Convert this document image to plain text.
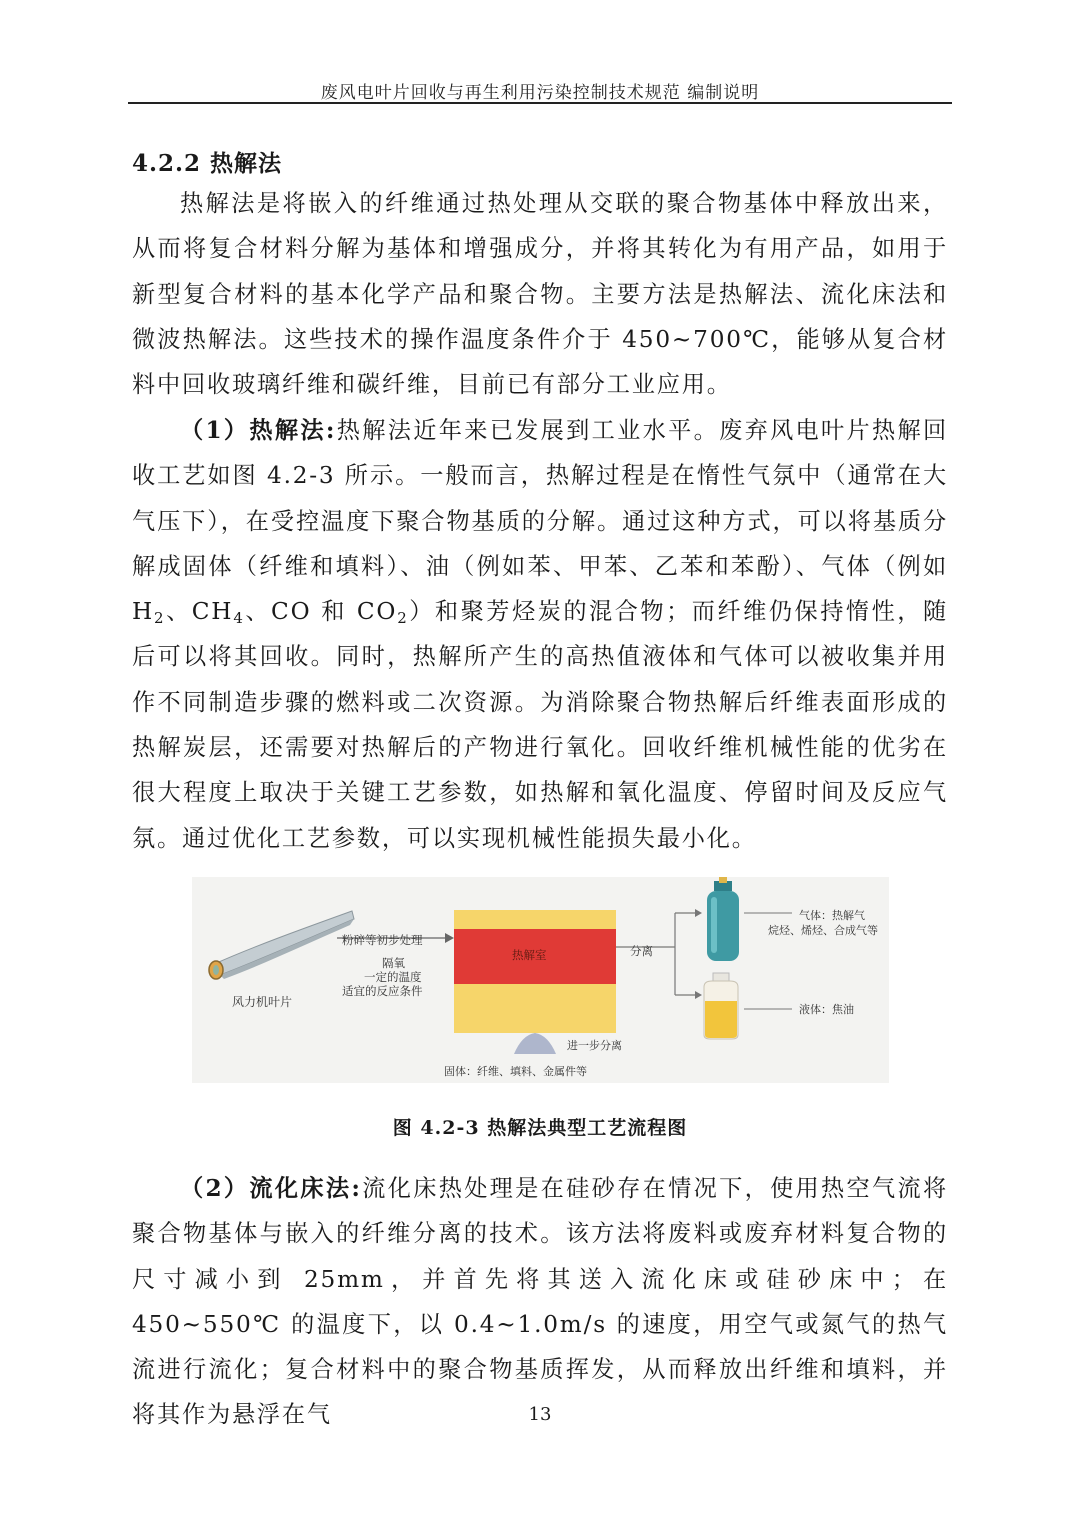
废风电叶片回收与再生利用污染控制技术规范 编制说明
4.2.2 热解法

热解法是将嵌入的纤维通过热处理从交联的聚合物基体中释放出来，从而将复合材料分解为基体和增强成分，并将其转化为有用产品，如用于新型复合材料的基本化学产品和聚合物。主要方法是热解法、流化床法和微波热解法。这些技术的操作温度条件介于 450~700℃，能够从复合材料中回收玻璃纤维和碳纤维，目前已有部分工业应用。

（1）热解法:热解法近年来已发展到工业水平。废弃风电叶片热解回收工艺如图 4.2-3 所示。一般而言，热解过程是在惰性气氛中（通常在大气压下），在受控温度下聚合物基质的分解。通过这种方式，可以将基质分解成固体（纤维和填料）、油（例如苯、甲苯、乙苯和苯酚）、气体（例如 $H_2$、$CH_4$、CO 和 $CO_2$）和聚芳烃炭的混合物；而纤维仍保持惰性，随后可以将其回收。同时，热解所产生的高热值液体和气体可以被收集并用作不同制造步骤的燃料或二次资源。为消除聚合物热解后纤维表面形成的热解炭层，还需要对热解后的产物进行氧化。回收纤维机械性能的优劣在很大程度上取决于关键工艺参数，如热解和氧化温度、停留时间及反应气氛。通过优化工艺参数，可以实现机械性能损失最小化。

风力机叶片
粉碎等初步处理
隔氧
一定的温度
适宜的反应条件
热解室	分离
气体：热解气
烷烃、烯烃、合成气等
液体：焦油
进一步分离
固体：纤维、填料、金属件等
图 4.2-3 热解法典型工艺流程图

（2）流化床法:流化床热处理是在硅砂存在情况下，使用热空气流将聚合物基体与嵌入的纤维分离的技术。该方法将废料或废弃材料复合物的尺寸减小到 25mm，并首先将其送入流化床或硅砂床中；在 450~550℃ 的温度下，以 0.4~1.0m/s 的速度，用空气或氮气的热气流进行流化；复合材料中的聚合物基质挥发，从而释放出纤维和填料，并将其作为悬浮在气	13
